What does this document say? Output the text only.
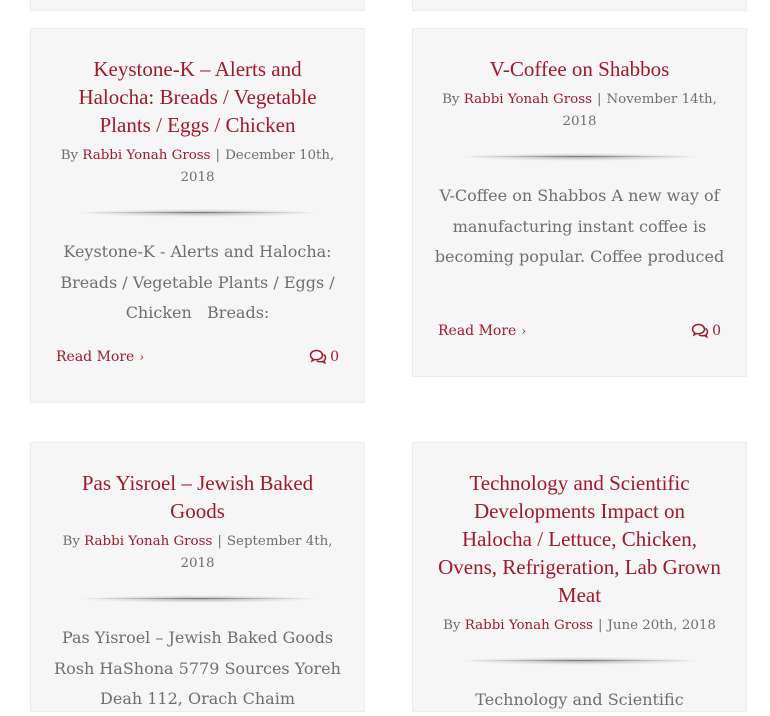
Keystone-K – Alerts and Halocha: Breads / Vegetable Plants / Eggs / Chicken
By Rabbi Yonah Gross | December 10th, 2018
Keystone-K - Alerts and Halocha: Breads / Vegetable Plants / Eggs / Chicken   Breads:
Read More ›	0
V-Coffee on Shabbos
By Rabbi Yonah Gross | November 14th, 2018
V-Coffee on Shabbos A new way of manufacturing instant coffee is becoming popular. Coffee produced
Read More ›	0
Pas Yisroel – Jewish Baked Goods
By Rabbi Yonah Gross | September 4th, 2018
Pas Yisroel – Jewish Baked Goods Rosh HaShona 5779 Sources Yoreh Deah 112, Orach Chaim
Technology and Scientific Developments Impact on Halocha / Lettuce, Chicken, Ovens, Refrigeration, Lab Grown Meat
By Rabbi Yonah Gross | June 20th, 2018
Technology and Scientific
